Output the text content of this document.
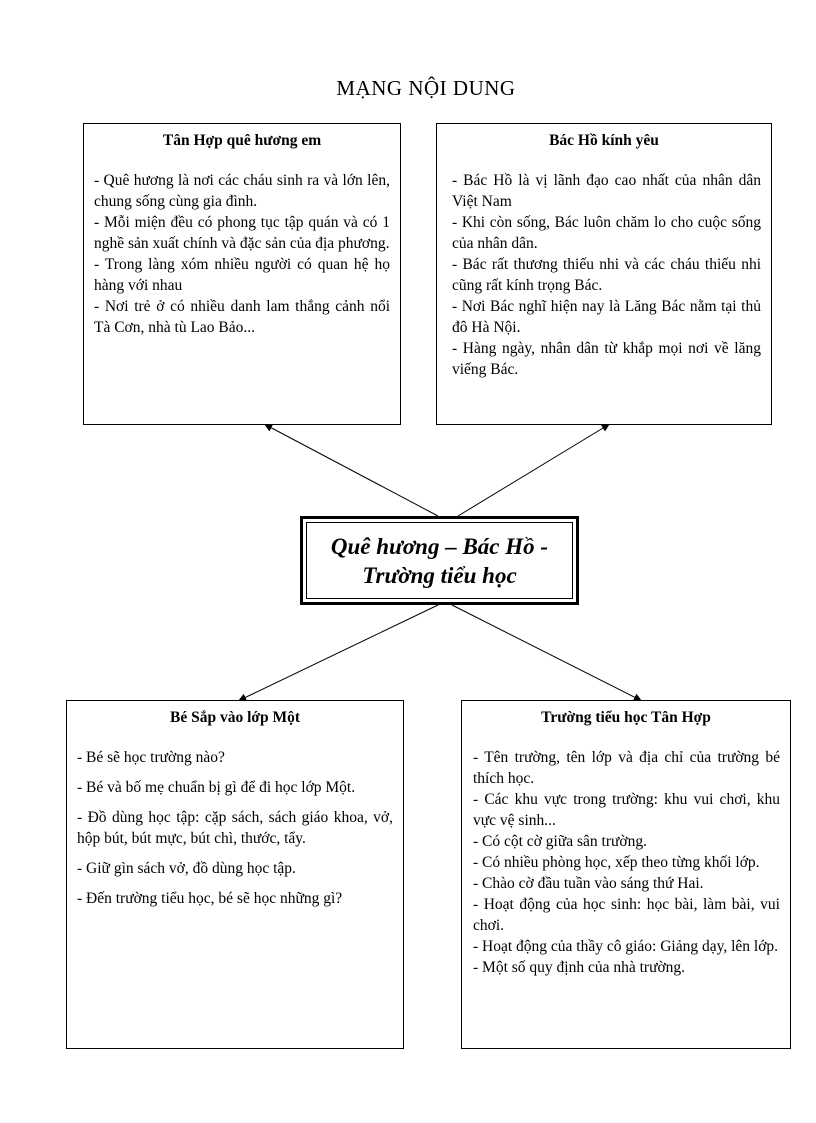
MẠNG NỘI DUNG
Tân Hợp quê hương em
- Quê hương là nơi các cháu sinh ra và lớn lên, chung sống cùng gia đình.
- Mỗi miện đều có phong tục tập quán và có 1 nghề sản xuất chính và đặc sản của địa phương.
- Trong làng xóm nhiều người có quan hệ họ hàng với nhau
- Nơi trẻ ở có nhiều danh lam thắng cảnh nổi Tà Cơn, nhà tù Lao Bảo...
Bác Hồ kính yêu
- Bác Hồ là vị lãnh đạo cao nhất của nhân dân Việt Nam
- Khi còn sống, Bác luôn chăm lo cho cuộc sống của nhân dân.
- Bác rất thương thiếu nhi và các cháu thiếu nhi cũng rất kính trọng Bác.
- Nơi Bác nghĩ hiện nay là Lăng Bác nằm tại thủ đô Hà Nội.
- Hàng ngày, nhân dân từ khắp mọi nơi về lăng viếng Bác.
Quê hương – Bác Hồ -
Trường tiểu học
Bé Sắp vào lớp Một
- Bé sẽ học trường nào?
- Bé và bố mẹ chuẩn bị gì để đi học lớp Một.
- Đồ dùng học tập: cặp sách, sách giáo khoa, vở, hộp bút, bút mực, bút chì, thước, tẩy.
- Giữ gìn sách vở, đồ dùng học tập.
- Đến trường tiểu học, bé sẽ học những gì?
Trường tiểu học Tân Hợp
- Tên trường, tên lớp và địa chỉ của trường bé thích học.
- Các khu vực trong trường: khu vui chơi, khu vực vệ sinh...
- Có cột cờ giữa sân trường.
- Có nhiều phòng học, xếp theo từng khối lớp.
- Chào cờ đầu tuần vào sáng thứ Hai.
- Hoạt động của học sinh: học bài, làm bài, vui chơi.
- Hoạt động của thầy cô giáo: Giảng dạy, lên lớp.
- Một số quy định của nhà trường.
